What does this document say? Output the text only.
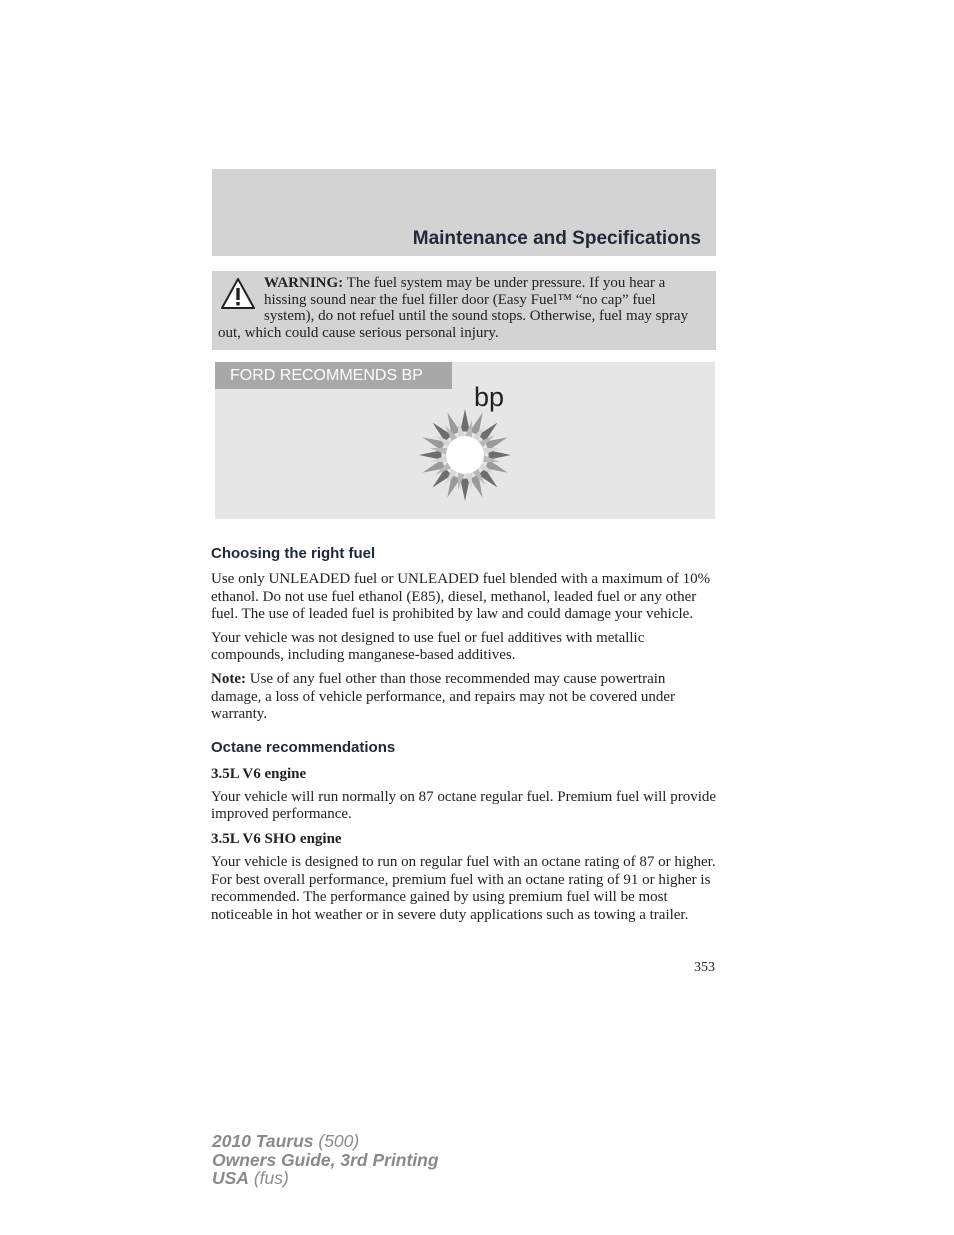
Maintenance and Specifications
WARNING: The fuel system may be under pressure. If you hear a hissing sound near the fuel filler door (Easy Fuel™ “no cap” fuel system), do not refuel until the sound stops. Otherwise, fuel may spray out, which could cause serious personal injury.
FORD RECOMMENDS BP
bp
Choosing the right fuel

Use only UNLEADED fuel or UNLEADED fuel blended with a maximum of 10% ethanol. Do not use fuel ethanol (E85), diesel, methanol, leaded fuel or any other fuel. The use of leaded fuel is prohibited by law and could damage your vehicle.

Your vehicle was not designed to use fuel or fuel additives with metallic compounds, including manganese-based additives.

Note: Use of any fuel other than those recommended may cause powertrain damage, a loss of vehicle performance, and repairs may not be covered under warranty.

Octane recommendations
3.5L V6 engine

Your vehicle will run normally on 87 octane regular fuel. Premium fuel will provide improved performance.

3.5L V6 SHO engine

Your vehicle is designed to run on regular fuel with an octane rating of 87 or higher. For best overall performance, premium fuel with an octane rating of 91 or higher is recommended. The performance gained by using premium fuel will be most noticeable in hot weather or in severe duty applications such as towing a trailer.

353
2010 Taurus (500)
Owners Guide, 3rd Printing
USA (fus)
